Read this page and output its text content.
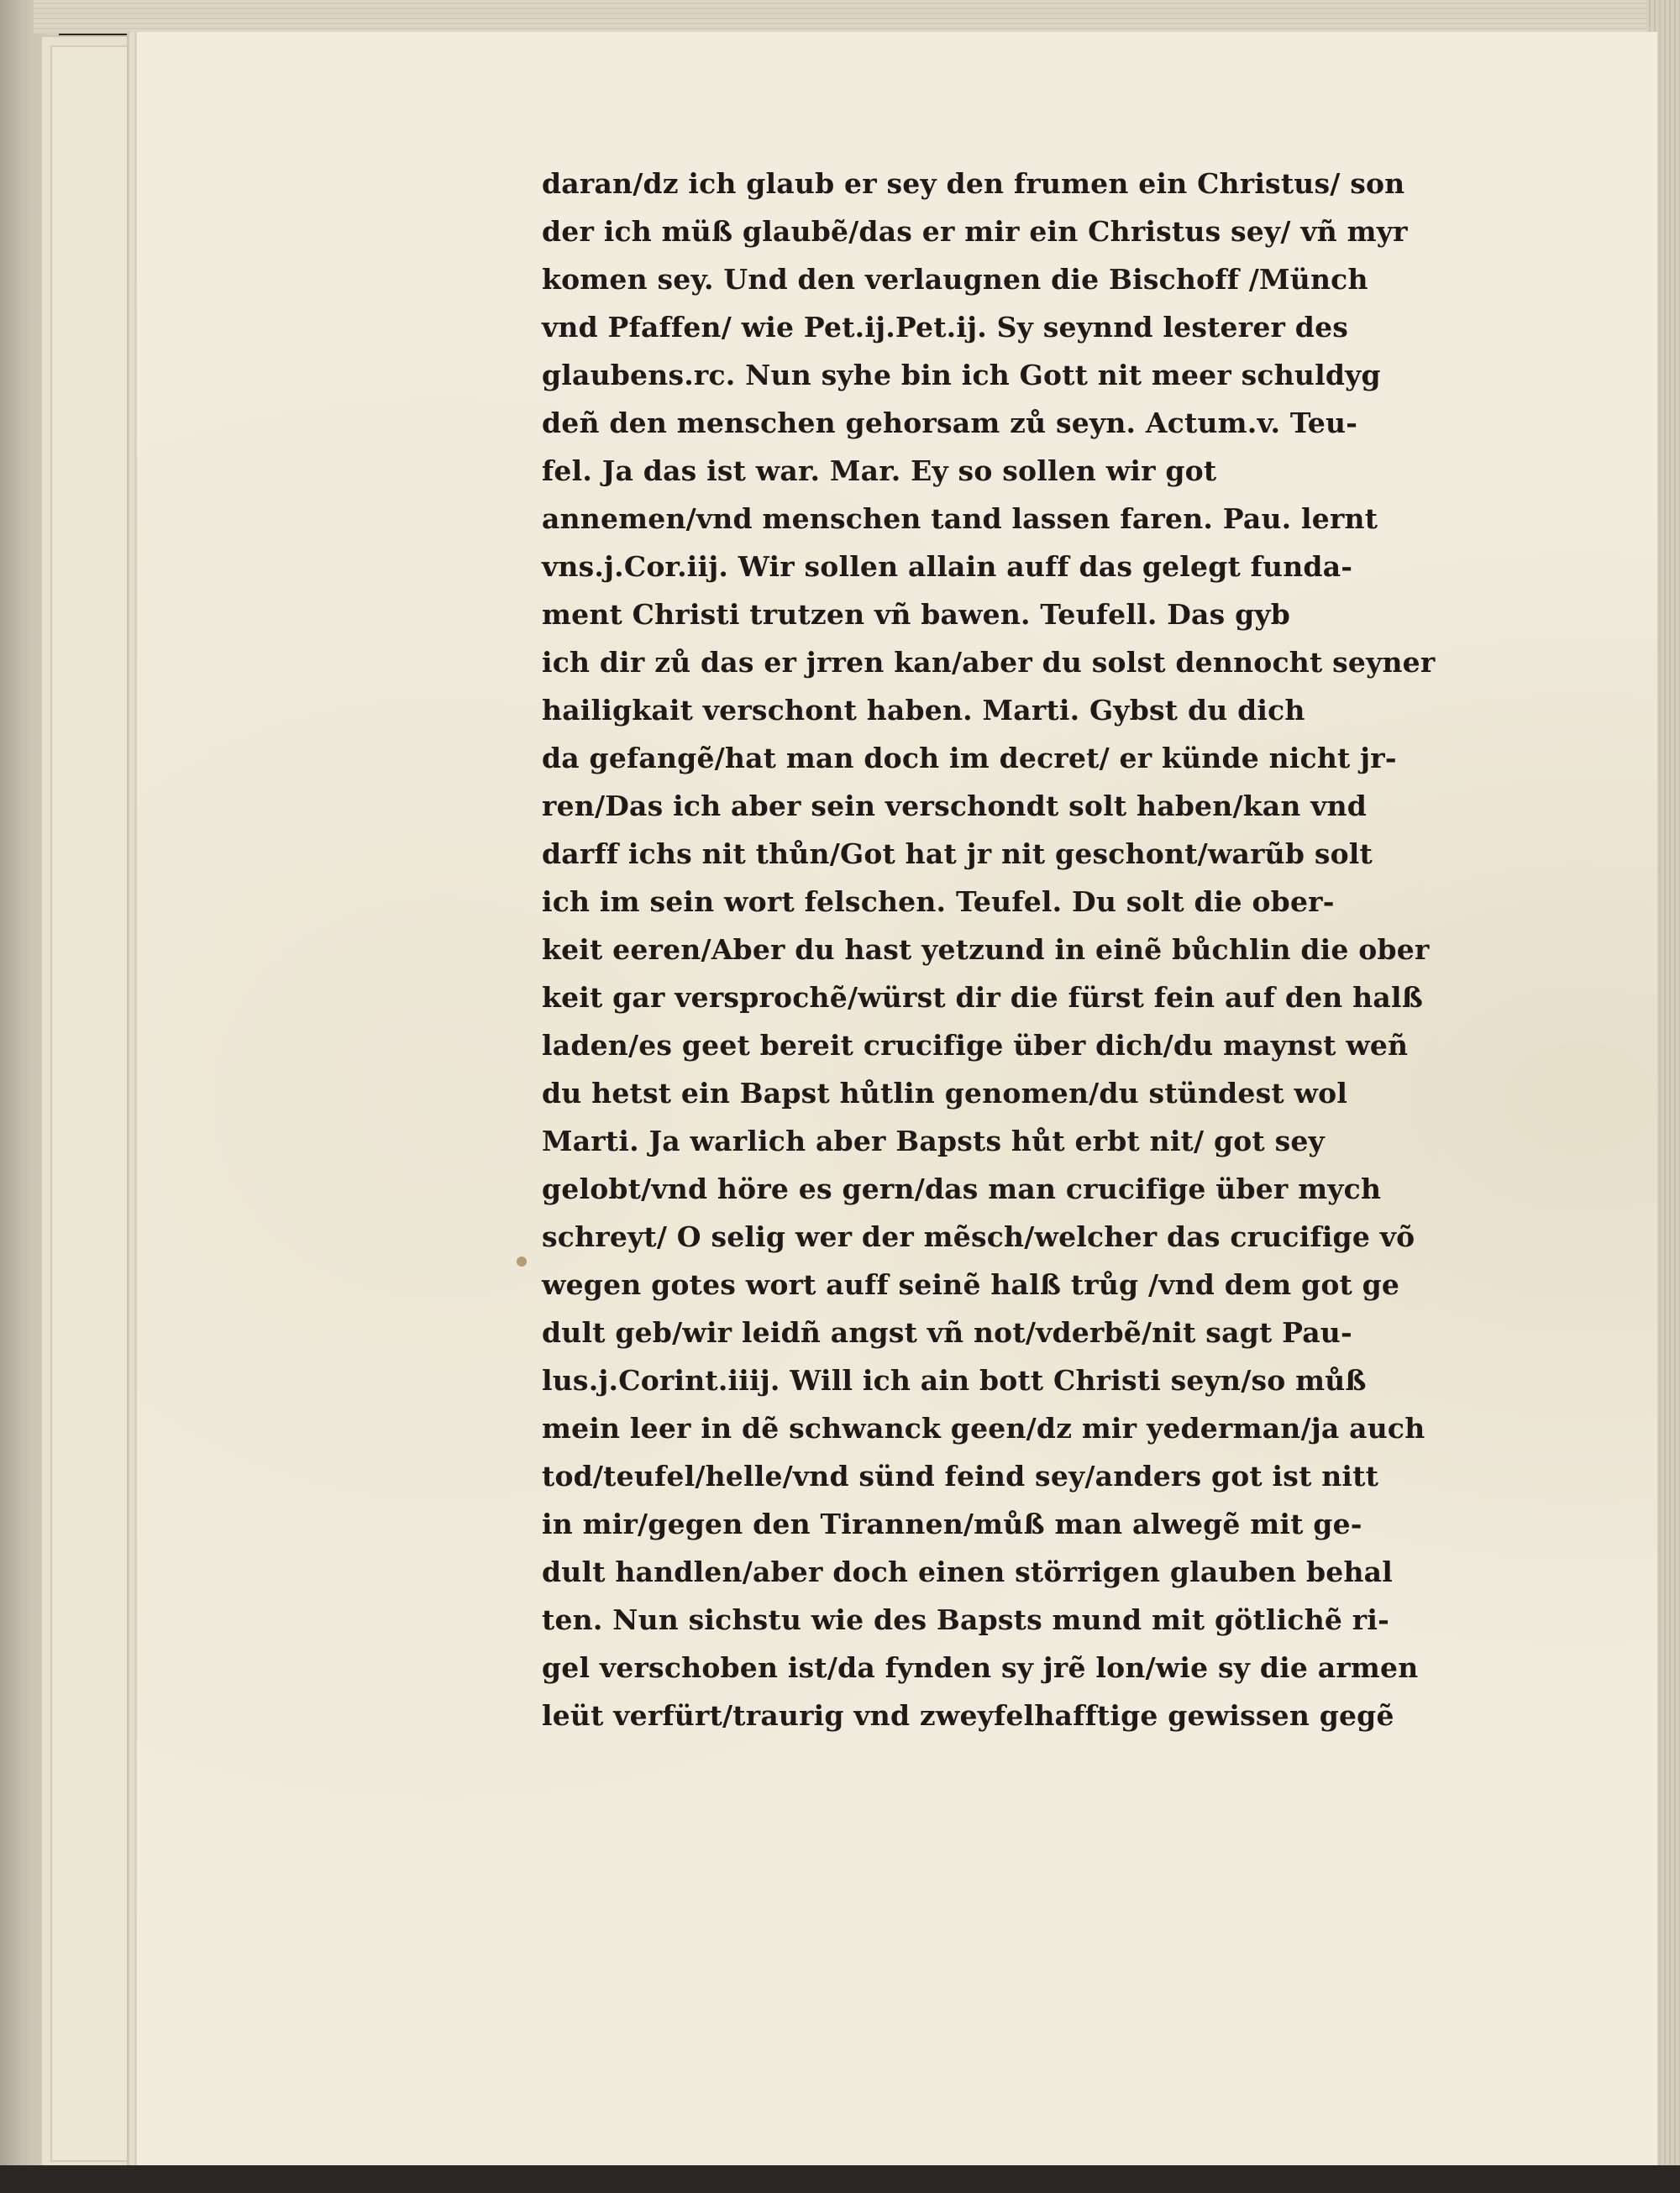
daran/dz ich glaub er sey den frumen ein Christus/ son
der ich müß glaubẽ/das er mir ein Christus sey/ vñ myr
komen sey. Und den verlaugnen die Bischoff /Münch
vnd Pfaffen/ wie Pet.ij.Pet.ij. Sy seynnd lesterer des
glaubens.rc. Nun syhe bin ich Gott nit meer schuldyg
deñ den menschen gehorsam zů seyn. Actum.v. Teu-
fel. Ja das ist war. Mar. Ey so sollen wir got
annemen/vnd menschen tand lassen faren. Pau. lernt
vns.j.Cor.iij. Wir sollen allain auff das gelegt funda-
ment Christi trutzen vñ bawen. Teufell. Das gyb
ich dir zů das er jrren kan/aber du solst dennocht seyner
hailigkait verschont haben. Marti. Gybst du dich
da gefangẽ/hat man doch im decret/ er künde nicht jr-
ren/Das ich aber sein verschondt solt haben/kan vnd
darff ichs nit thůn/Got hat jr nit geschont/warũb solt
ich im sein wort felschen. Teufel. Du solt die ober-
keit eeren/Aber du hast yetzund in einẽ bůchlin die ober
keit gar versprochẽ/würst dir die fürst fein auf den halß
laden/es geet bereit crucifige über dich/du maynst weñ
du hetst ein Bapst hůtlin genomen/du stündest wol
Marti. Ja warlich aber Bapsts hůt erbt nit/ got sey
gelobt/vnd höre es gern/das man crucifige über mych
schreyt/ O selig wer der mẽsch/welcher das crucifige võ
wegen gotes wort auff seinẽ halß trůg /vnd dem got ge
dult geb/wir leidñ angst vñ not/vderbẽ/nit sagt Pau-
lus.j.Corint.iiij. Will ich ain bott Christi seyn/so můß
mein leer in dẽ schwanck geen/dz mir yederman/ja auch
tod/teufel/helle/vnd sünd feind sey/anders got ist nitt
in mir/gegen den Tirannen/můß man alwegẽ mit ge-
dult handlen/aber doch einen störrigen glauben behal
ten. Nun sichstu wie des Bapsts mund mit götlichẽ ri-
gel verschoben ist/da fynden sy jrẽ lon/wie sy die armen
leüt verfürt/traurig vnd zweyfelhafftige gewissen gegẽ
